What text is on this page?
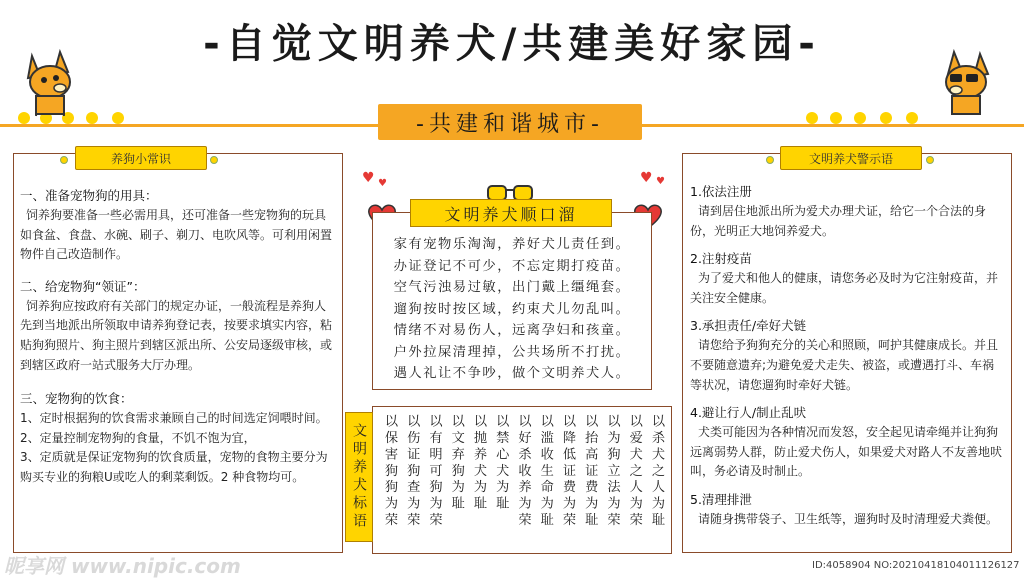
-自觉文明养犬/共建美好家园-
-共建和谐城市-
养狗小常识
一、准备宠物狗的用具：
饲养狗要准备一些必需用具，还可准备一些宠物狗的玩具如食盆、食盘、水碗、刷子、剃刀、电吹风等。可利用闲置物件自己改造制作。
二、给宠物狗“领证”：
饲养狗应按政府有关部门的规定办证，一般流程是养狗人先到当地派出所领取申请养狗登记表，按要求填实内容，粘贴狗狗照片、狗主照片到辖区派出所、公安局逐级审核，或到辖区政府一站式服务大厅办理。
三、宠物狗的饮食：
1、定时根据狗的饮食需求兼顾自己的时间选定饲喂时间。
2、定量控制宠物狗的食量，不饥不饱为宜，
3、定质就是保证宠物狗的饮食质量，宠物的食物主要分为 购买专业的狗粮U或吃人的剩菜剩饭。2 种食物均可。
♥ ♥	♥ ♥
文明养犬顺口溜
家有宠物乐淘淘，养好犬儿责任到。
办证登记不可少，不忘定期打疫苗。
空气污浊易过敏，出门戴上缰绳套。
遛狗按时按区域，约束犬儿勿乱叫。
情绪不对易伤人，远离孕妇和孩童。
户外拉屎清理掉，公共场所不打扰。
遇人礼让不争吵，做个文明养犬人。
文明养犬标语	以杀犬之人为耻
以爱犬之人为荣
以为狗立法为荣
以抬高证费为耻
以降低证费为荣
以滥收生命为耻
以好杀收养为荣
以禁心犬为耻
以抛养犬为耻
以文弃狗为耻
以有明可狗为荣
以伤证狗查为荣
以保害狗狗为荣
文明养犬警示语
1.依法注册
请到居住地派出所为爱犬办理犬证，给它一个合法的身份，光明正大地饲养爱犬。
2.注射疫苗
为了爱犬和他人的健康，请您务必及时为它注射疫苗，并关注安全健康。
3.承担责任/牵好犬链
请您给予狗狗充分的关心和照顾，呵护其健康成长。并且不要随意遗弃;为避免爱犬走失、被盗，或遭遇打斗、车祸等状况，请您遛狗时牵好犬链。
4.避让行人/制止乱吠
犬类可能因为各种情况而发怒，安全起见请牵绳并让狗狗远离弱势人群，防止爱犬伤人，如果爱犬对路人不友善地吠叫，务必请及时制止。
5.清理排泄
请随身携带袋子、卫生纸等，遛狗时及时清理爱犬粪便。
昵享网 www.nipic.com	ID:4058904 NO:20210418104011126127
